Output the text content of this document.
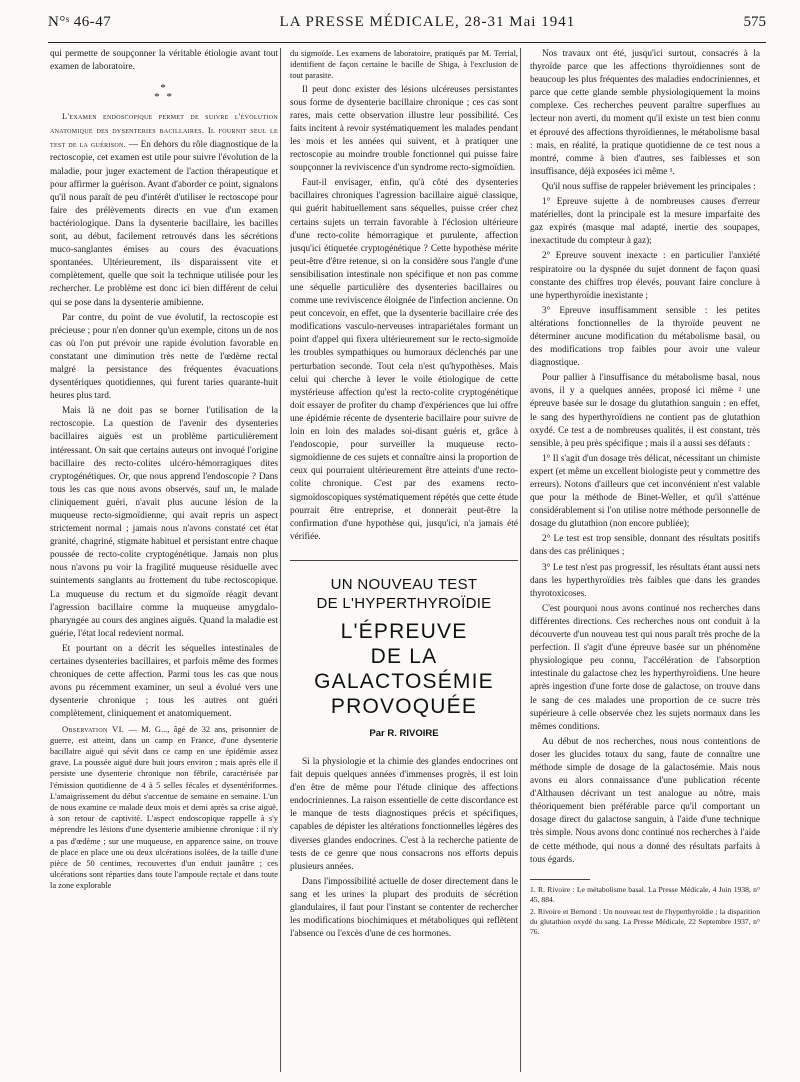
N°ˢ 46-47	LA PRESSE MÉDICALE, 28-31 Mai 1941	575

qui permette de soupçonner la véritable étiologie avant tout examen de laboratoire.

*
* *

L'examen endoscopique permet de suivre l'évolution anatomique des dysenteries bacillaires. Il fournit seul le test de la guérison. — En dehors du rôle diagnostique de la rectoscopie, cet examen est utile pour suivre l'évolution de la maladie, pour juger exactement de l'action thérapeutique et pour affirmer la guérison. Avant d'aborder ce point, signalons qu'il nous paraît de peu d'intérêt d'utiliser le rectoscope pour faire des prélèvements directs en vue d'un examen bactériologique. Dans la dysenterie bacillaire, les bacilles sont, au début, facilement retrouvés dans les sécrétions muco-sanglantes émises au cours des évacuations spontanées. Ultérieurement, ils disparaissent vite et complètement, quelle que soit la technique utilisée pour les rechercher. Le problème est donc ici bien différent de celui qui se pose dans la dysenterie amibienne.

Par contre, du point de vue évolutif, la rectoscopie est précieuse ; pour n'en donner qu'un exemple, citons un de nos cas où l'on put prévoir une rapide évolution favorable en constatant une diminution très nette de l'œdème rectal malgré la persistance des fréquentes évacuations dysentériques quotidiennes, qui furent taries quarante-huit heures plus tard.

Mais là ne doit pas se borner l'utilisation de la rectoscopie. La question de l'avenir des dysenteries bacillaires aiguës est un problème particulièrement intéressant. On sait que certains auteurs ont invoqué l'origine bacillaire des recto-colites ulcéro-hémorragiques dites cryptogénétiques. Or, que nous apprend l'endoscopie ? Dans tous les cas que nous avons observés, sauf un, le malade cliniquement guéri, n'avait plus aucune lésion de la muqueuse recto-sigmoïdienne, qui avait repris un aspect strictement normal ; jamais nous n'avons constaté cet état granité, chagriné, stigmate habituel et persistant entre chaque poussée de recto-colite cryptogénétique. Jamais non plus nous n'avons pu voir la fragilité muqueuse résiduelle avec suintements sanglants au frottement du tube rectoscopique. La muqueuse du rectum et du sigmoïde réagit devant l'agression bacillaire comme la muqueuse amygdalo-pharyngée au cours des angines aiguës. Quand la maladie est guérie, l'état local redevient normal.

Et pourtant on a décrit les séquelles intestinales de certaines dysenteries bacillaires, et parfois même des formes chroniques de cette affection. Parmi tous les cas que nous avons pu récemment examiner, un seul a évolué vers une dysenterie chronique ; tous les autres ont guéri complètement, cliniquement et anatomiquement.

Observation VI. — M. G..., âgé de 32 ans, prisonnier de guerre, est atteint, dans un camp en France, d'une dysenterie bacillaire aiguë qui sévit dans ce camp en une épidémie assez grave. La poussée aiguë dure huit jours environ ; mais après elle il persiste une dysenterie chronique non fébrile, caractérisée par l'émission quotidienne de 4 à 5 selles fécales et dysentériformes. L'amaigrissement du début s'accentue de semaine en semaine. L'un de nous examine ce malade deux mois et demi après sa crise aiguë, à son retour de captivité. L'aspect endoscopique rappelle à s'y méprendre les lésions d'une dysenterie amibienne chronique : il n'y a pas d'œdème ; sur une muqueuse, en apparence saine, on trouve de place en place une ou deux ulcérations isolées, de la taille d'une pièce de 50 centimes, recouvertes d'un enduit jaunâtre ; ces ulcérations sont réparties dans toute l'ampoule rectale et dans toute la zone explorable

du sigmoïde. Les examens de laboratoire, pratiqués par M. Terrial, identifient de façon certaine le bacille de Shiga, à l'exclusion de tout parasite.

Il peut donc exister des lésions ulcéreuses persistantes sous forme de dysenterie bacillaire chronique ; ces cas sont rares, mais cette observation illustre leur possibilité. Ces faits incitent à revoir systématiquement les malades pendant les mois et les années qui suivent, et à pratiquer une rectoscopie au moindre trouble fonctionnel qui puisse faire soupçonner la reviviscence d'un syndrome recto-sigmoïdien.

Faut-il envisager, enfin, qu'à côté des dysenteries bacillaires chroniques l'agression bacillaire aiguë classique, qui guérit habituellement sans séquelles, puisse créer chez certains sujets un terrain favorable à l'éclosion ultérieure d'une recto-colite hémorragique et purulente, affection jusqu'ici étiquetée cryptogénétique ? Cette hypothèse mérite peut-être d'être retenue, si on la considère sous l'angle d'une sensibilisation intestinale non spécifique et non pas comme une séquelle particulière des dysenteries bacillaires ou comme une reviviscence éloignée de l'infection ancienne. On peut concevoir, en effet, que la dysenterie bacillaire crée des modifications vasculo-nerveuses intrapariétales formant un point d'appel qui fixera ultérieurement sur le recto-sigmoïde les troubles sympathiques ou humoraux déclenchés par une perturbation seconde. Tout cela n'est qu'hypothèses. Mais celui qui cherche à lever le voile étiologique de cette mystérieuse affection qu'est la recto-colite cryptogénétique doit essayer de profiter du champ d'expériences que lui offre une épidémie récente de dysenterie bacillaire pour suivre de loin en loin des malades soi-disant guéris et, grâce à l'endoscopie, pour surveiller la muqueuse recto-sigmoïdienne de ces sujets et connaître ainsi la proportion de ceux qui pourraient ultérieurement être atteints d'une recto-colite chronique. C'est par des examens recto-sigmoïdoscopiques systématiquement répétés que cette étude pourrait être entreprise, et donnerait peut-être la confirmation d'une hypothèse qui, jusqu'ici, n'a jamais été vérifiée.

UN NOUVEAU TEST
DE L'HYPERTHYROÏDIE
L'ÉPREUVE
DE LA GALACTOSÉMIE
PROVOQUÉE
Par R. RIVOIRE

Si la physiologie et la chimie des glandes endocrines ont fait depuis quelques années d'immenses progrès, il est loin d'en être de même pour l'étude clinique des affections endocriniennes. La raison essentielle de cette discordance est le manque de tests diagnostiques précis et spécifiques, capables de dépister les altérations fonctionnelles légères des diverses glandes endocrines. C'est à la recherche patiente de tests de ce genre que nous consacrons nos efforts depuis plusieurs années.

Dans l'impossibilité actuelle de doser directement dans le sang et les urines la plupart des produits de sécrétion glandulaires, il faut pour l'instant se contenter de rechercher les modifications biochimiques et métaboliques qui reflètent l'absence ou l'excès d'une de ces hormones.

Nos travaux ont été, jusqu'ici surtout, consacrés à la thyroïde parce que les affections thyroïdiennes sont de beaucoup les plus fréquentes des maladies endocriniennes, et parce que cette glande semble physiologiquement la moins complexe. Ces recherches peuvent paraître superflues au lecteur non averti, du moment qu'il existe un test bien connu et éprouvé des affections thyroïdiennes, le métabolisme basal : mais, en réalité, la pratique quotidienne de ce test nous a montré, comme à bien d'autres, ses faiblesses et son insuffisance, déjà exposées ici même ¹.

Qu'il nous suffise de rappeler brièvement les principales :

1° Epreuve sujette à de nombreuses causes d'erreur matérielles, dont la principale est la mesure imparfaite des gaz expirés (masque mal adapté, inertie des soupapes, inexactitude du compteur à gaz);

2° Epreuve souvent inexacte : en particulier l'anxiété respiratoire ou la dyspnée du sujet donnent de façon quasi constante des chiffres trop élevés, pouvant faire conclure à une hyperthyroïdie inexistante ;

3° Epreuve insuffisamment sensible : les petites altérations fonctionnelles de la thyroïde peuvent ne déterminer aucune modification du métabolisme basal, ou des modifications trop faibles pour avoir une valeur diagnostique.

Pour pallier à l'insuffisance du métabolisme basal, nous avons, il y a quelques années, proposé ici même ² une épreuve basée sur le dosage du glutathion sanguin : en effet, le sang des hyperthyroïdiens ne contient pas de glutathion oxydé. Ce test a de nombreuses qualités, il est constant, très sensible, à peu près spécifique ; mais il a aussi ses défauts :

1° Il s'agit d'un dosage très délicat, nécessitant un chimiste expert (et même un excellent biologiste peut y commettre des erreurs). Notons d'ailleurs que cet inconvénient n'est valable que pour la méthode de Binet-Weller, et qu'il s'atténue considérablement si l'on utilise notre méthode personnelle de dosage du glutathion (non encore publiée);

2° Le test est trop sensible, donnant des résultats positifs dans des cas préliniques ;

3° Le test n'est pas progressif, les résultats étant aussi nets dans les hyperthyroïdies très faibles que dans les grandes thyrotoxicoses.

C'est pourquoi nous avons continué nos recherches dans différentes directions. Ces recherches nous ont conduit à la découverte d'un nouveau test qui nous paraît très proche de la perfection. Il s'agit d'une épreuve basée sur un phénomène physiologique peu connu, l'accélération de l'absorption intestinale du galactose chez les hyperthyroïdiens. Une heure après ingestion d'une forte dose de galactose, on trouve dans le sang de ces malades une proportion de ce sucre très supérieure à celle observée chez les sujets normaux dans les mêmes conditions.

Au début de nos recherches, nous nous contentions de doser les glucides totaux du sang, faute de connaître une méthode simple de dosage de la galactosémie. Mais nous avons eu alors connaissance d'une publication récente d'Althausen décrivant un test analogue au nôtre, mais théoriquement bien préférable parce qu'il comportant un dosage direct du galactose sanguin, à l'aide d'une technique très simple. Nous avons donc continué nos recherches à l'aide de cette méthode, qui nous a donné des résultats parfaits à tous égards.

1. R. Rivoire : Le métabolisme basal. La Presse Médicale, 4 Juin 1938, n° 45, 884.

2. Rivoire et Bernond : Un nouveau test de l'hyperthyroïdie ; la disparition du glutathion oxydé du sang. La Presse Médicale, 22 Septembre 1937, n° 76.
